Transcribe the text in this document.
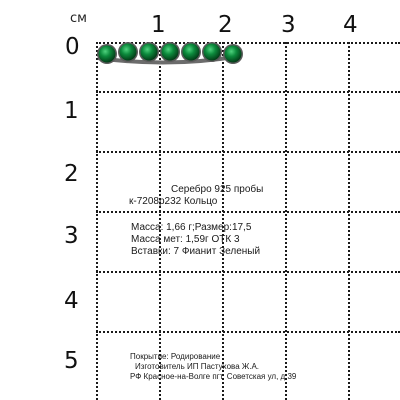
см
0
1 2 3 4
1
2
3
4
5
Серебро 925 пробы
к-7208р232 Кольцо
Масса: 1,66 г;Размер:17,5
Масса мет: 1,59г ОТК 3
Вставки: 7 Фианит Зеленый
Покрытие: Родирование
Изготовитель ИП Пастухова Ж.А.
РФ Красное-на-Волге пгт, Советская ул, д 39
